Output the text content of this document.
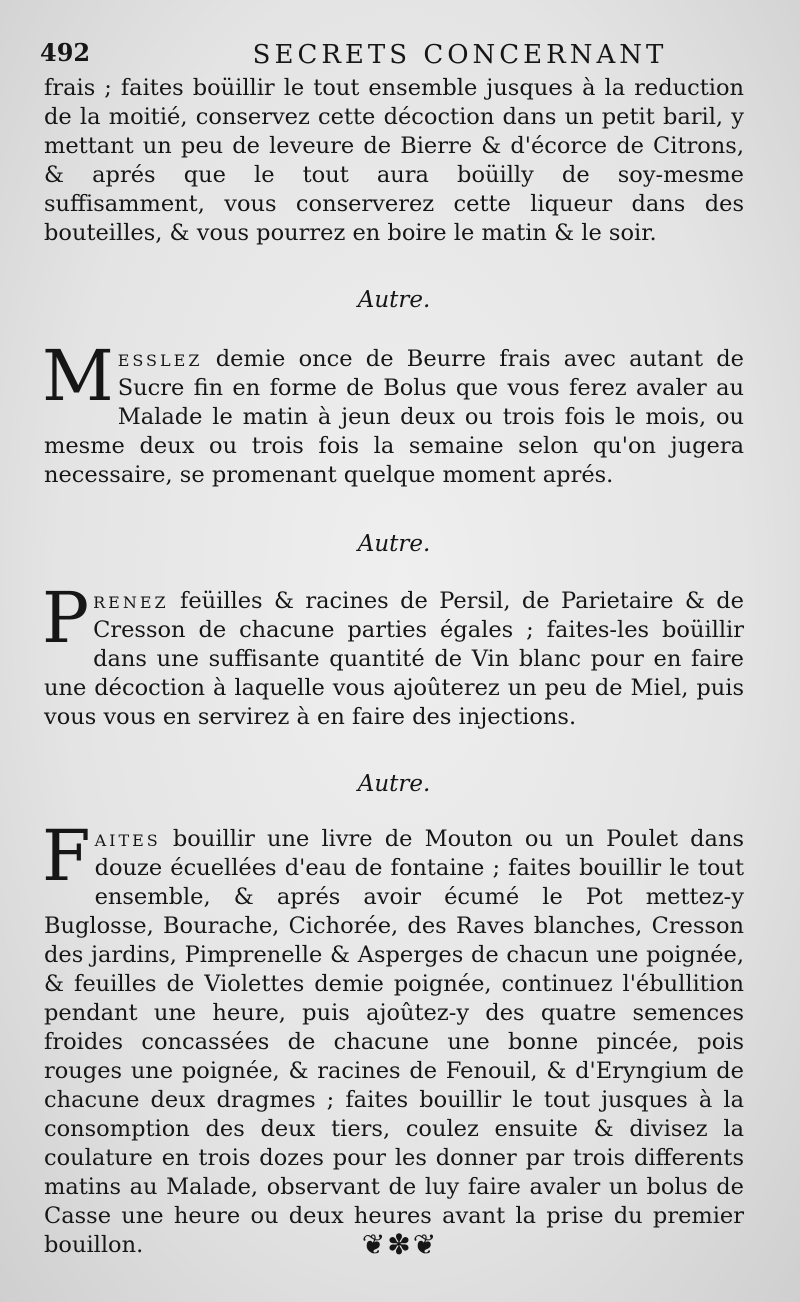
492	SECRETS CONCERNANT

frais ; faites boüillir le tout ensemble jusques à la reduction de la moitié, conservez cette décoction dans un petit baril, y mettant un peu de leveure de Bierre & d'écorce de Citrons, & aprés que le tout aura boüilly de soy-mesme suffisamment, vous conserverez cette liqueur dans des bouteilles, & vous pourrez en boire le matin & le soir.

Autre.
Messlez demie once de Beurre frais avec autant de Sucre fin en forme de Bolus que vous ferez avaler au Malade le matin à jeun deux ou trois fois le mois, ou mesme deux ou trois fois la semaine selon qu'on jugera necessaire, se promenant quelque moment aprés.
Autre.
Prenez feüilles & racines de Persil, de Parietaire & de Cresson de chacune parties égales ; faites-les boüillir dans une suffisante quantité de Vin blanc pour en faire une décoction à laquelle vous ajoûterez un peu de Miel, puis vous vous en servirez à en faire des injections.
Autre.
Faites bouillir une livre de Mouton ou un Poulet dans douze écuellées d'eau de fontaine ; faites bouillir le tout ensemble, & aprés avoir écumé le Pot mettez-y Buglosse, Bourache, Cichorée, des Raves blanches, Cresson des jardins, Pimprenelle & Asperges de chacun une poignée, & feuilles de Violettes demie poignée, continuez l'ébullition pendant une heure, puis ajoûtez-y des quatre semences froides concassées de chacune une bonne pincée, pois rouges une poignée, & racines de Fenouil, & d'Eryngium de chacune deux dragmes ; faites bouillir le tout jusques à la consomption des deux tiers, coulez ensuite & divisez la coulature en trois dozes pour les donner par trois differents matins au Malade, observant de luy faire avaler un bolus de Casse une heure ou deux heures avant la prise du premier bouillon.	❦✽❦
